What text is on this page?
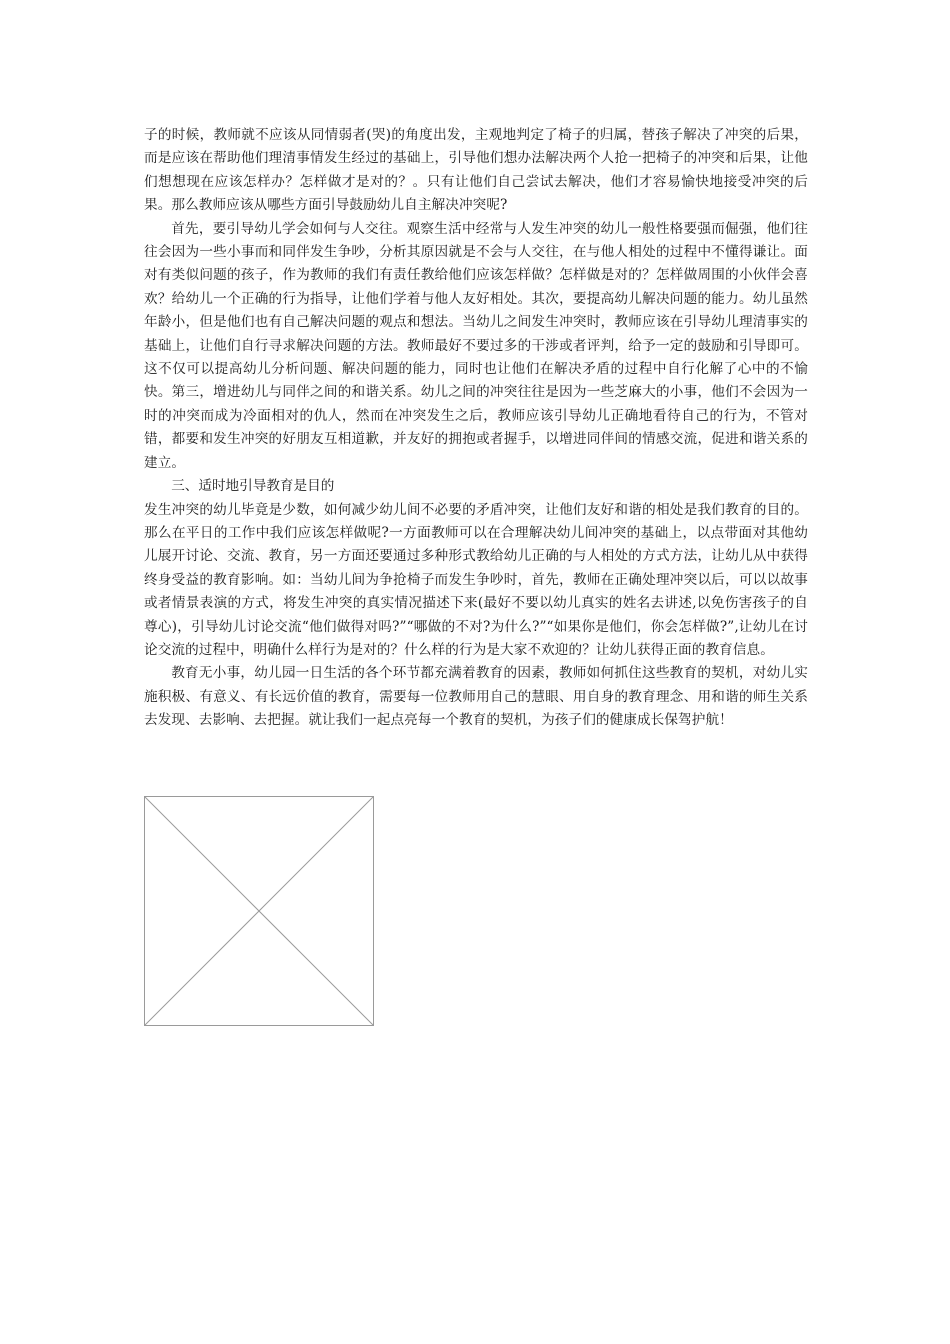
子的时候，教师就不应该从同情弱者(哭)的角度出发，主观地判定了椅子的归属，替孩子解决了冲突的后果，而是应该在帮助他们理清事情发生经过的基础上，引导他们想办法解决两个人抢一把椅子的冲突和后果，让他们想想现在应该怎样办？怎样做才是对的？。只有让他们自己尝试去解决，他们才容易愉快地接受冲突的后果。那么教师应该从哪些方面引导鼓励幼儿自主解决冲突呢?

首先，要引导幼儿学会如何与人交往。观察生活中经常与人发生冲突的幼儿一般性格要强而倔强，他们往往会因为一些小事而和同伴发生争吵，分析其原因就是不会与人交往，在与他人相处的过程中不懂得谦让。面对有类似问题的孩子，作为教师的我们有责任教给他们应该怎样做？怎样做是对的？怎样做周围的小伙伴会喜欢？给幼儿一个正确的行为指导，让他们学着与他人友好相处。其次，要提高幼儿解决问题的能力。幼儿虽然年龄小，但是他们也有自己解决问题的观点和想法。当幼儿之间发生冲突时，教师应该在引导幼儿理清事实的基础上，让他们自行寻求解决问题的方法。教师最好不要过多的干涉或者评判，给予一定的鼓励和引导即可。这不仅可以提高幼儿分析问题、解决问题的能力，同时也让他们在解决矛盾的过程中自行化解了心中的不愉快。第三，增进幼儿与同伴之间的和谐关系。幼儿之间的冲突往往是因为一些芝麻大的小事，他们不会因为一时的冲突而成为冷面相对的仇人，然而在冲突发生之后，教师应该引导幼儿正确地看待自己的行为，不管对错，都要和发生冲突的好朋友互相道歉，并友好的拥抱或者握手，以增进同伴间的情感交流，促进和谐关系的建立。

三、适时地引导教育是目的

发生冲突的幼儿毕竟是少数，如何减少幼儿间不必要的矛盾冲突，让他们友好和谐的相处是我们教育的目的。那么在平日的工作中我们应该怎样做呢?一方面教师可以在合理解决幼儿间冲突的基础上，以点带面对其他幼儿展开讨论、交流、教育，另一方面还要通过多种形式教给幼儿正确的与人相处的方式方法，让幼儿从中获得终身受益的教育影响。如：当幼儿间为争抢椅子而发生争吵时，首先，教师在正确处理冲突以后，可以以故事或者情景表演的方式，将发生冲突的真实情况描述下来(最好不要以幼儿真实的姓名去讲述,以免伤害孩子的自尊心)，引导幼儿讨论交流“他们做得对吗?”“哪做的不对?为什么?”“如果你是他们，你会怎样做?”,让幼儿在讨论交流的过程中，明确什么样行为是对的？什么样的行为是大家不欢迎的？让幼儿获得正面的教育信息。

教育无小事，幼儿园一日生活的各个环节都充满着教育的因素，教师如何抓住这些教育的契机，对幼儿实施积极、有意义、有长远价值的教育，需要每一位教师用自己的慧眼、用自身的教育理念、用和谐的师生关系去发现、去影响、去把握。就让我们一起点亮每一个教育的契机，为孩子们的健康成长保驾护航！
